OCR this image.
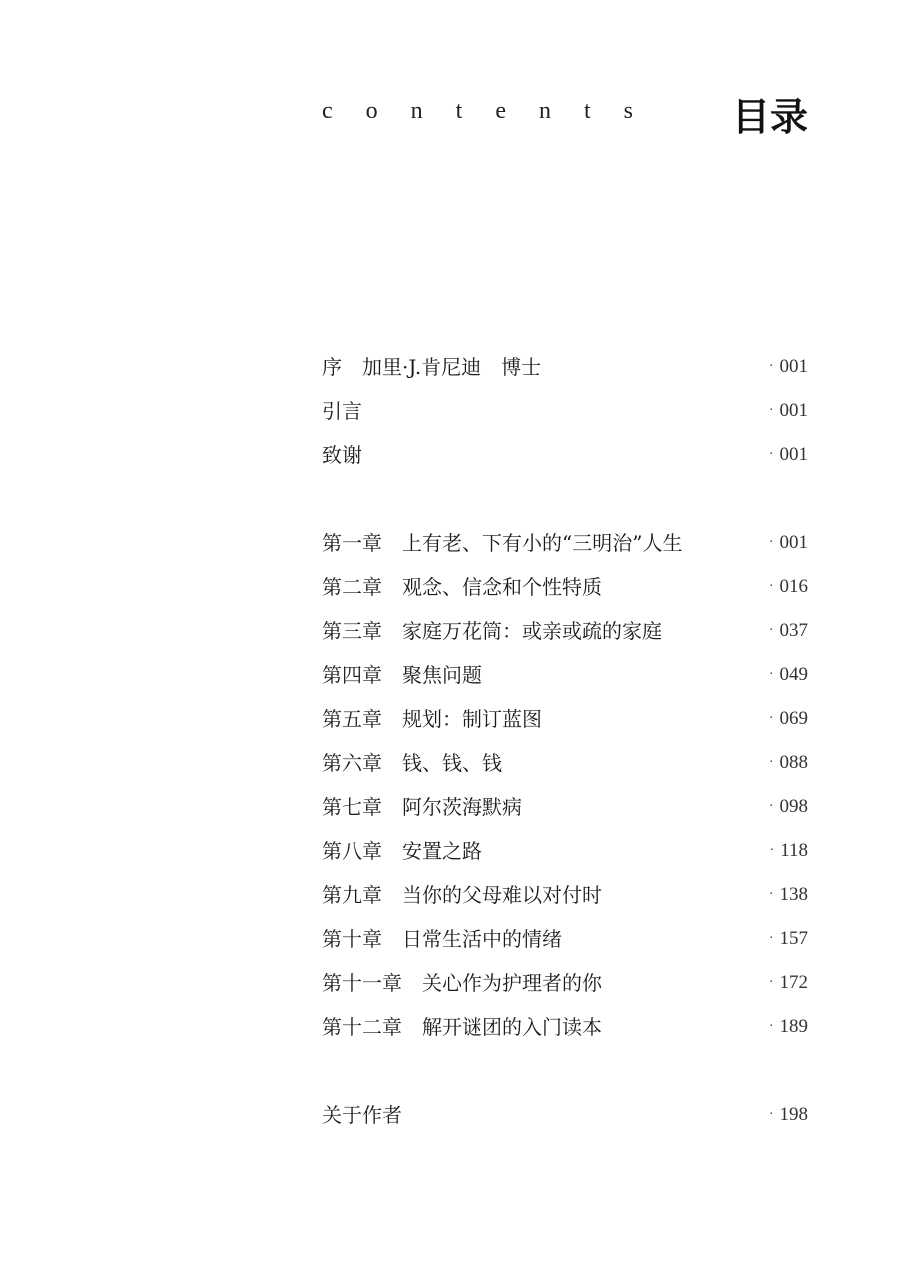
contents 目录
序　加里·J.肯尼迪　博士	· 001
引言	· 001
致谢	· 001
第一章 上有老、下有小的“三明治”人生	· 001
第二章 观念、信念和个性特质	· 016
第三章 家庭万花筒：或亲或疏的家庭	· 037
第四章 聚焦问题	· 049
第五章 规划：制订蓝图	· 069
第六章 钱、钱、钱	· 088
第七章 阿尔茨海默病	· 098
第八章 安置之路	· 118
第九章 当你的父母难以对付时	· 138
第十章 日常生活中的情绪	· 157
第十一章 关心作为护理者的你	· 172
第十二章 解开谜团的入门读本	· 189
关于作者	· 198
